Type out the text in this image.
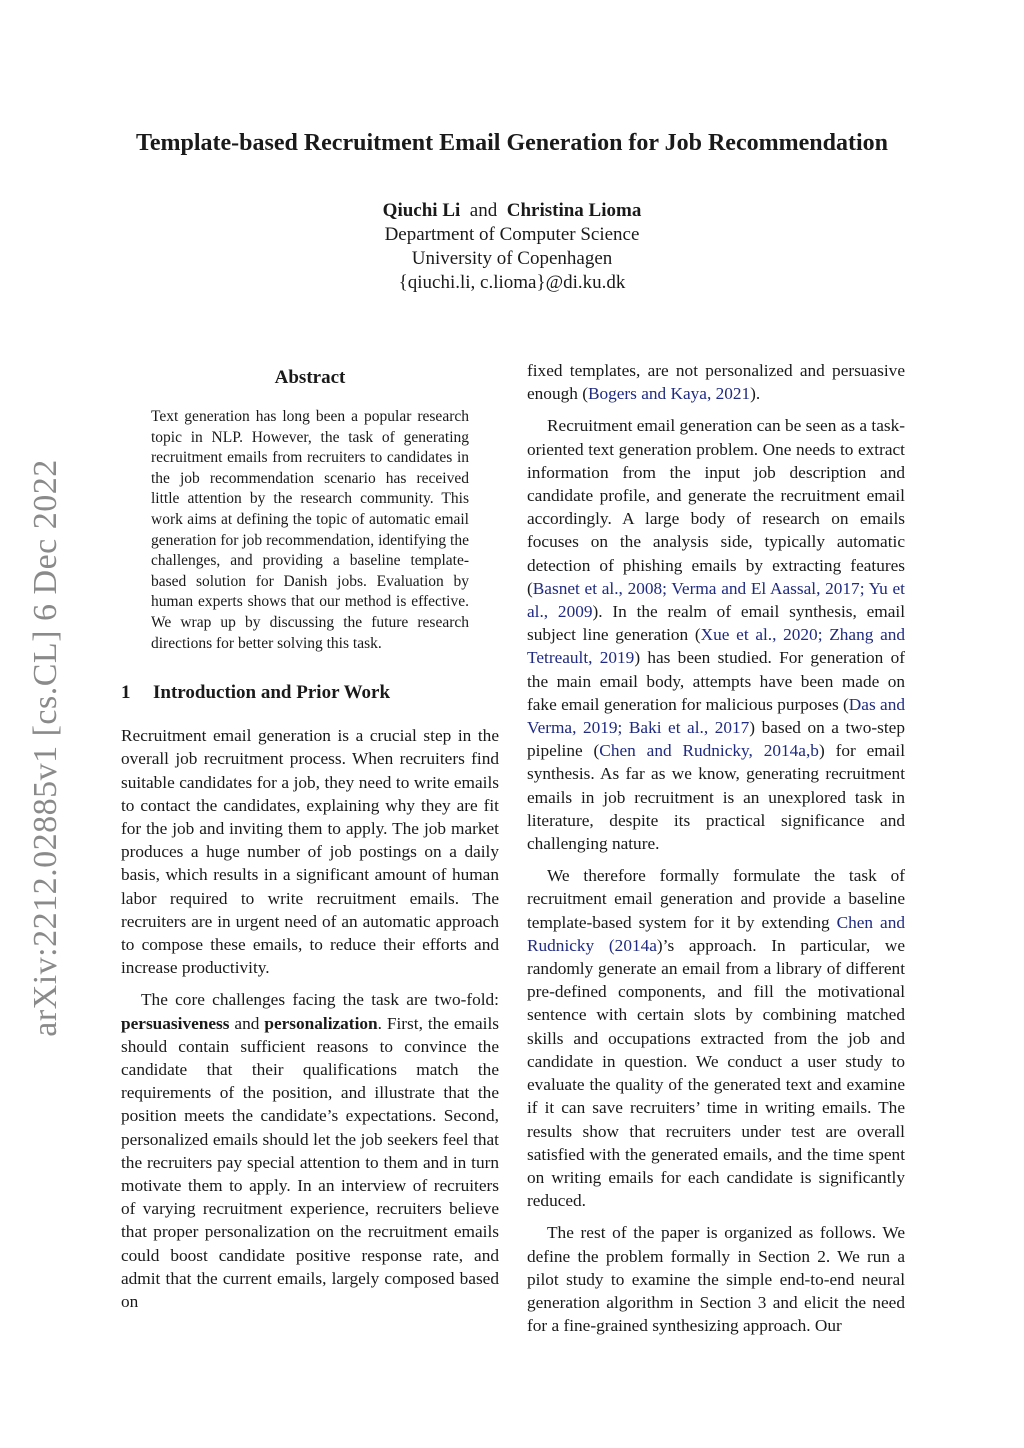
Template-based Recruitment Email Generation for Job Recommendation
Qiuchi Li and Christina Lioma
Department of Computer Science
University of Copenhagen
{qiuchi.li, c.lioma}@di.ku.dk
arXiv:2212.02885v1 [cs.CL] 6 Dec 2022
Abstract
Text generation has long been a popular research topic in NLP. However, the task of generating recruitment emails from recruiters to candidates in the job recommendation scenario has received little attention by the research community. This work aims at defining the topic of automatic email generation for job recommendation, identifying the challenges, and providing a baseline template-based solution for Danish jobs. Evaluation by human experts shows that our method is effective. We wrap up by discussing the future research directions for better solving this task.
1 Introduction and Prior Work

Recruitment email generation is a crucial step in the overall job recruitment process. When recruiters find suitable candidates for a job, they need to write emails to contact the candidates, explaining why they are fit for the job and inviting them to apply. The job market produces a huge number of job postings on a daily basis, which results in a significant amount of human labor required to write recruitment emails. The recruiters are in urgent need of an automatic approach to compose these emails, to reduce their efforts and increase productivity.

The core challenges facing the task are two-fold: persuasiveness and personalization. First, the emails should contain sufficient reasons to convince the candidate that their qualifications match the requirements of the position, and illustrate that the position meets the candidate’s expectations. Second, personalized emails should let the job seekers feel that the recruiters pay special attention to them and in turn motivate them to apply. In an interview of recruiters of varying recruitment experience, recruiters believe that proper personalization on the recruitment emails could boost candidate positive response rate, and admit that the current emails, largely composed based on

fixed templates, are not personalized and persuasive enough (Bogers and Kaya, 2021).

Recruitment email generation can be seen as a task-oriented text generation problem. One needs to extract information from the input job description and candidate profile, and generate the recruitment email accordingly. A large body of research on emails focuses on the analysis side, typically automatic detection of phishing emails by extracting features (Basnet et al., 2008; Verma and El Aassal, 2017; Yu et al., 2009). In the realm of email synthesis, email subject line generation (Xue et al., 2020; Zhang and Tetreault, 2019) has been studied. For generation of the main email body, attempts have been made on fake email generation for malicious purposes (Das and Verma, 2019; Baki et al., 2017) based on a two-step pipeline (Chen and Rudnicky, 2014a,b) for email synthesis. As far as we know, generating recruitment emails in job recruitment is an unexplored task in literature, despite its practical significance and challenging nature.

We therefore formally formulate the task of recruitment email generation and provide a baseline template-based system for it by extending Chen and Rudnicky (2014a)’s approach. In particular, we randomly generate an email from a library of different pre-defined components, and fill the motivational sentence with certain slots by combining matched skills and occupations extracted from the job and candidate in question. We conduct a user study to evaluate the quality of the generated text and examine if it can save recruiters’ time in writing emails. The results show that recruiters under test are overall satisfied with the generated emails, and the time spent on writing emails for each candidate is significantly reduced.

The rest of the paper is organized as follows. We define the problem formally in Section 2. We run a pilot study to examine the simple end-to-end neural generation algorithm in Section 3 and elicit the need for a fine-grained synthesizing approach. Our
